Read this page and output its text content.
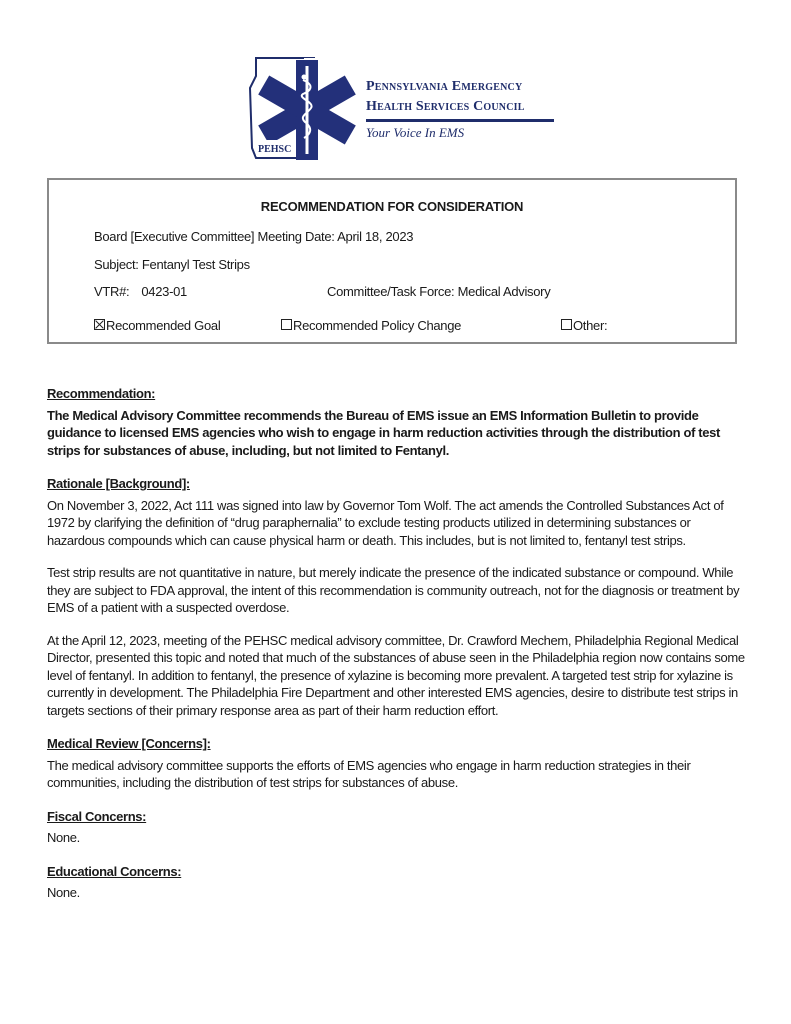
PEHSC
Pennsylvania Emergency
Health Services Council
Your Voice In EMS
RECOMMENDATION FOR CONSIDERATION
Board [Executive Committee] Meeting Date: April 18, 2023
Subject: Fentanyl Test Strips
VTR#: 0423-01	Committee/Task Force: Medical Advisory
Recommended Goal	Recommended Policy Change	Other:
Recommendation:

The Medical Advisory Committee recommends the Bureau of EMS issue an EMS Information Bulletin to provide guidance to licensed EMS agencies who wish to engage in harm reduction activities through the distribution of test strips for substances of abuse, including, but not limited to Fentanyl.

Rationale [Background]:

On November 3, 2022, Act 111 was signed into law by Governor Tom Wolf. The act amends the Controlled Substances Act of 1972 by clarifying the definition of “drug paraphernalia” to exclude testing products utilized in determining substances or hazardous compounds which can cause physical harm or death. This includes, but is not limited to, fentanyl test strips.

Test strip results are not quantitative in nature, but merely indicate the presence of the indicated substance or compound. While they are subject to FDA approval, the intent of this recommendation is community outreach, not for the diagnosis or treatment by EMS of a patient with a suspected overdose.

At the April 12, 2023, meeting of the PEHSC medical advisory committee, Dr. Crawford Mechem, Philadelphia Regional Medical Director, presented this topic and noted that much of the substances of abuse seen in the Philadelphia region now contains some level of fentanyl. In addition to fentanyl, the presence of xylazine is becoming more prevalent. A targeted test strip for xylazine is currently in development. The Philadelphia Fire Department and other interested EMS agencies, desire to distribute test strips in targets sections of their primary response area as part of their harm reduction effort.

Medical Review [Concerns]:

The medical advisory committee supports the efforts of EMS agencies who engage in harm reduction strategies in their communities, including the distribution of test strips for substances of abuse.

Fiscal Concerns:

None.

Educational Concerns:

None.
